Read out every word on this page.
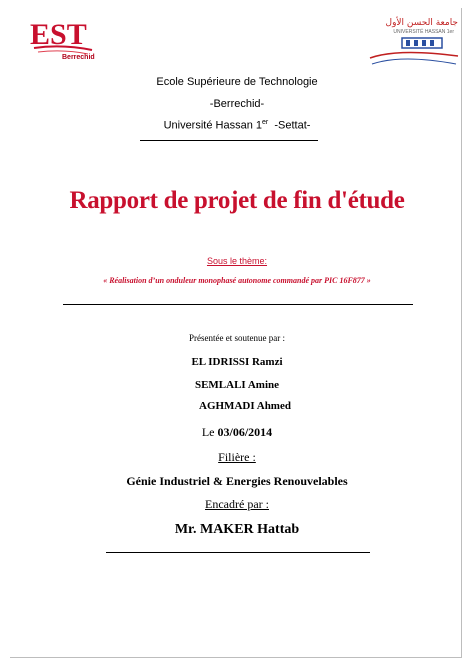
EST
Berrechid
جامعة الحسن الأول
UNIVERSITÉ HASSAN 1er
Ecole Supérieure de Technologie
-Berrechid-
Université Hassan 1er  -Settat-
Rapport de projet de fin d'étude
Sous le thème:
« Réalisation d’un onduleur monophasé autonome commandé par PIC 16F877 »
Présentée et soutenue par :
EL IDRISSI Ramzi
SEMLALI Amine
AGHMADI Ahmed
Le 03/06/2014
Filière :
Génie Industriel & Energies Renouvelables
Encadré par :
Mr. MAKER Hattab
